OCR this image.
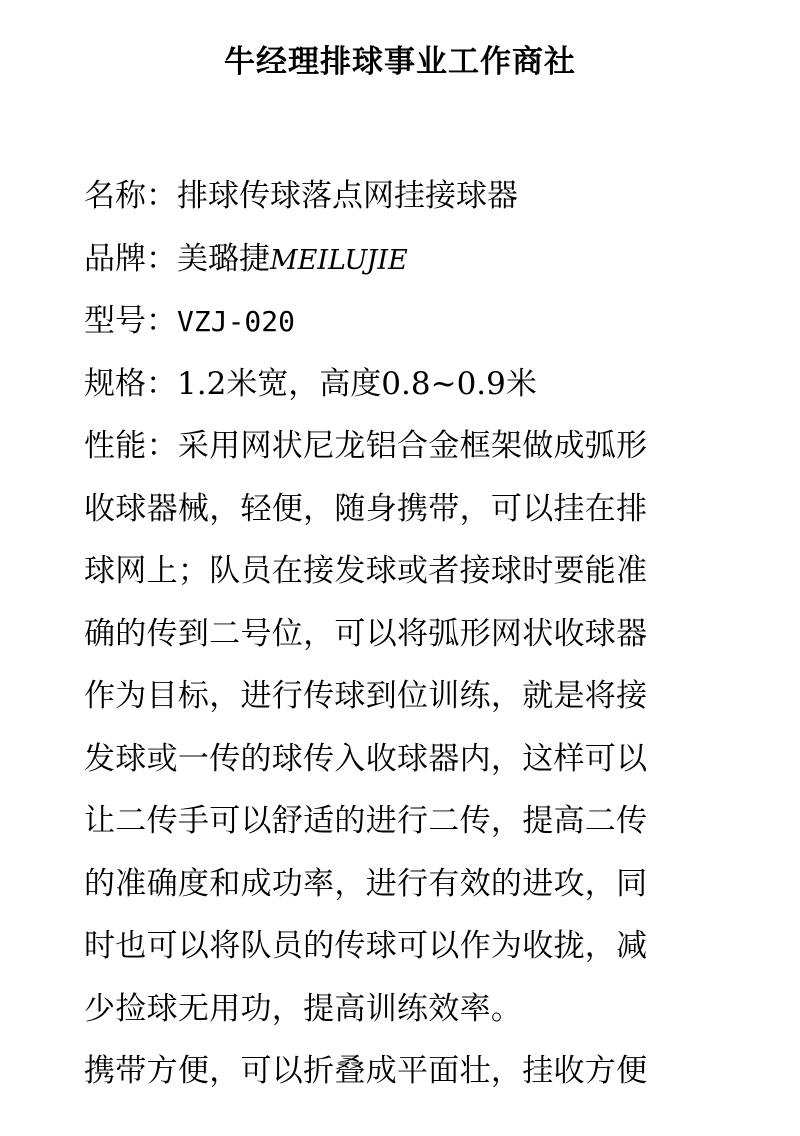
牛经理排球事业工作商社
名称：排球传球落点网挂接球器
品牌：美璐捷MEILUJIE
型号：VZJ-020
规格：1.2米宽，高度0.8~0.9米
性能：采用网状尼龙铝合金框架做成弧形
收球器械，轻便，随身携带，可以挂在排
球网上；队员在接发球或者接球时要能准
确的传到二号位，可以将弧形网状收球器
作为目标，进行传球到位训练，就是将接
发球或一传的球传入收球器内，这样可以
让二传手可以舒适的进行二传，提高二传
的准确度和成功率，进行有效的进攻，同
时也可以将队员的传球可以作为收拢，减
少捡球无用功，提高训练效率。
携带方便，可以折叠成平面壮，挂收方便
